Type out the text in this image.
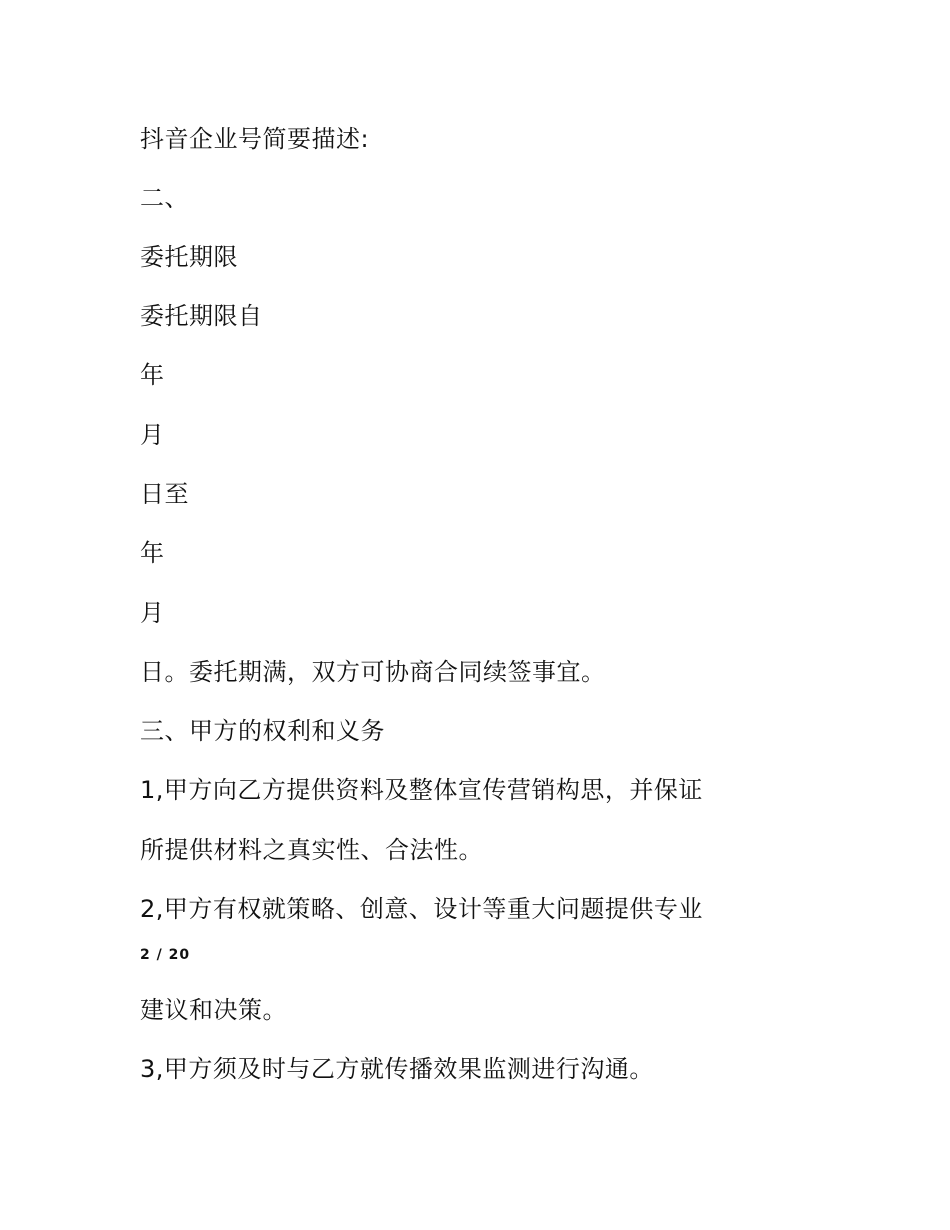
抖音企业号简要描述:
二、
委托期限
委托期限自
年
月
日至
年
月
日。委托期满，双方可协商合同续签事宜。
三、甲方的权利和义务
1,甲方向乙方提供资料及整体宣传营销构思，并保证
所提供材料之真实性、合法性。
2,甲方有权就策略、创意、设计等重大问题提供专业
2 / 20
建议和决策。
3,甲方须及时与乙方就传播效果监测进行沟通。
